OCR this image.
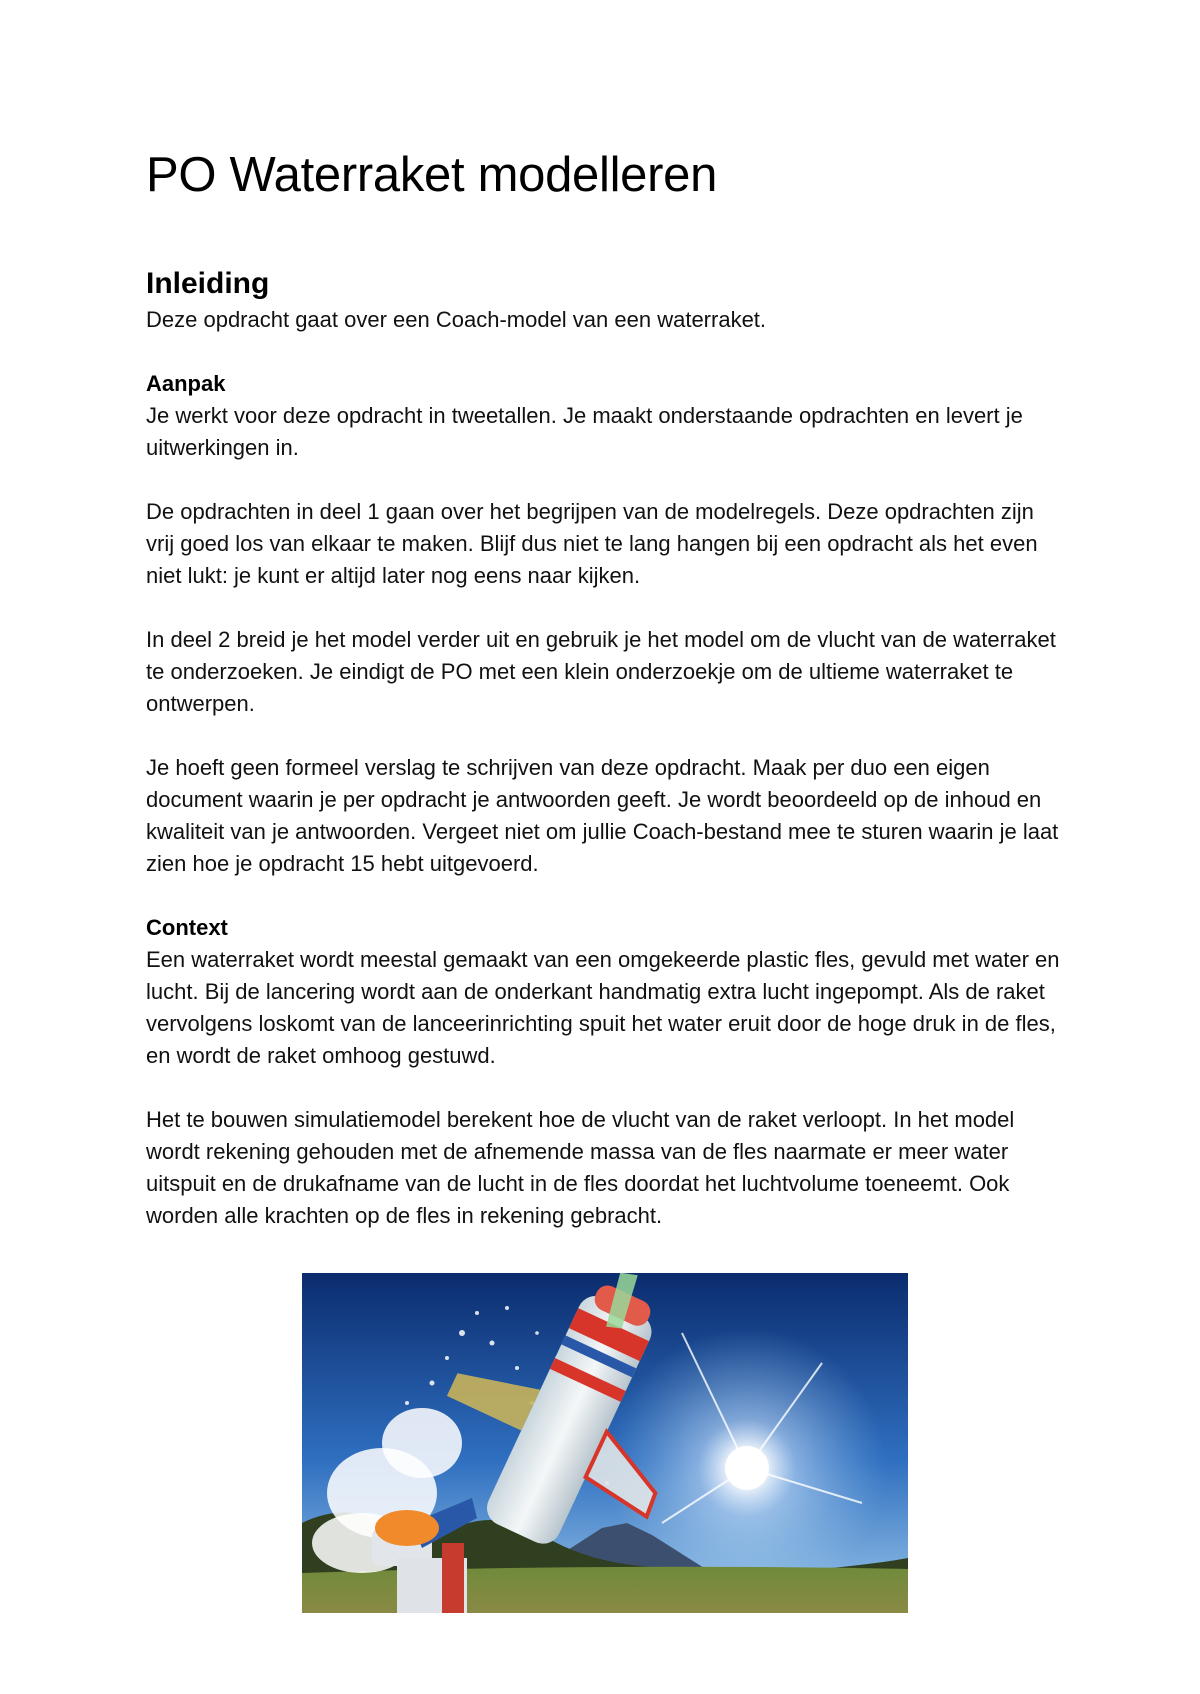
PO Waterraket modelleren
Inleiding

Deze opdracht gaat over een Coach-model van een waterraket.

Aanpak

Je werkt voor deze opdracht in tweetallen. Je maakt onderstaande opdrachten en levert je uitwerkingen in.

De opdrachten in deel 1 gaan over het begrijpen van de modelregels. Deze opdrachten zijn vrij goed los van elkaar te maken. Blijf dus niet te lang hangen bij een opdracht als het even niet lukt: je kunt er altijd later nog eens naar kijken.

In deel 2 breid je het model verder uit en gebruik je het model om de vlucht van de waterraket te onderzoeken. Je eindigt de PO met een klein onderzoekje om de ultieme waterraket te ontwerpen.

Je hoeft geen formeel verslag te schrijven van deze opdracht. Maak per duo een eigen document waarin je per opdracht je antwoorden geeft. Je wordt beoordeeld op de inhoud en kwaliteit van je antwoorden. Vergeet niet om jullie Coach-bestand mee te sturen waarin je laat zien hoe je opdracht 15 hebt uitgevoerd.

Context

Een waterraket wordt meestal gemaakt van een omgekeerde plastic fles, gevuld met water en lucht. Bij de lancering wordt aan de onderkant handmatig extra lucht ingepompt. Als de raket vervolgens loskomt van de lanceerinrichting spuit het water eruit door de hoge druk in de fles, en wordt de raket omhoog gestuwd.

Het te bouwen simulatiemodel berekent hoe de vlucht van de raket verloopt. In het model wordt rekening gehouden met de afnemende massa van de fles naarmate er meer water uitspuit en de drukafname van de lucht in de fles doordat het luchtvolume toeneemt. Ook worden alle krachten op de fles in rekening gebracht.
